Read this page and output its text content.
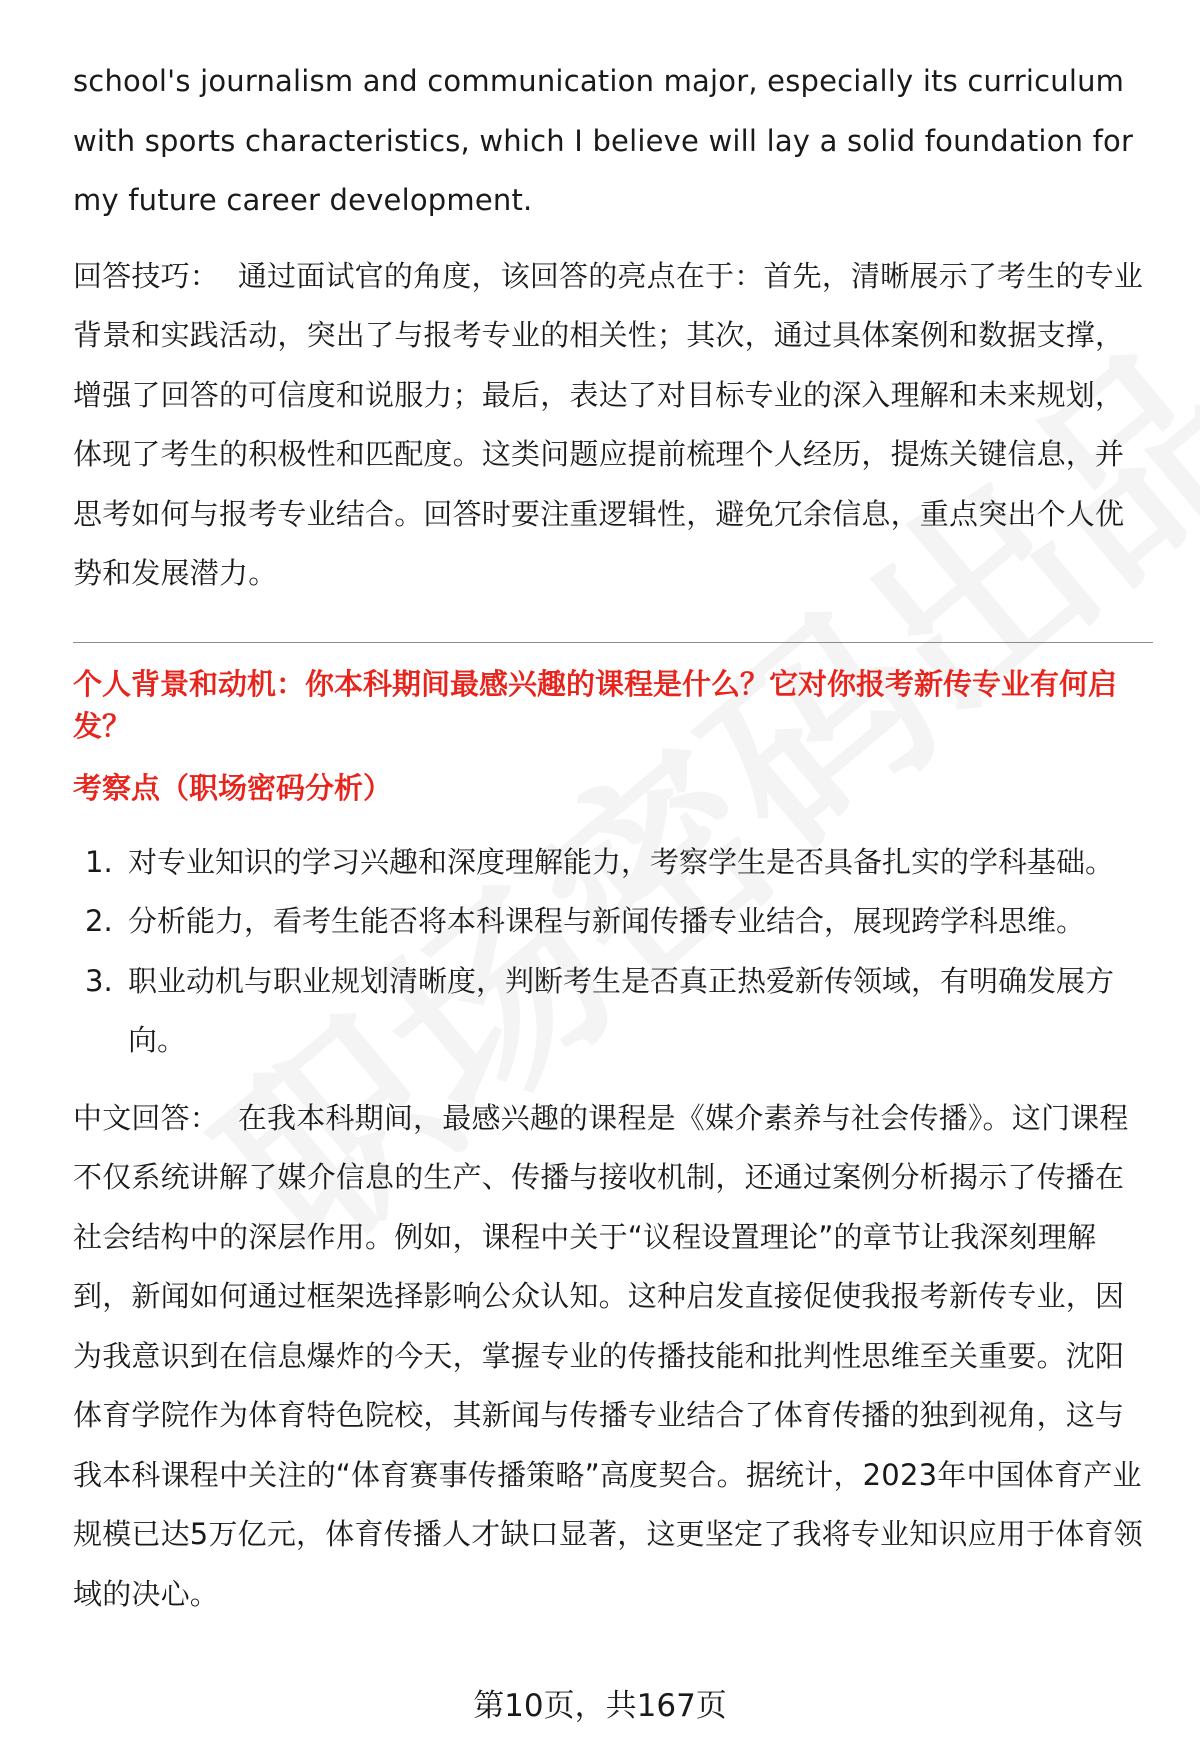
school's journalism and communication major, especially its curriculum with sports characteristics, which I believe will lay a solid foundation for my future career development.

回答技巧： 通过面试官的角度，该回答的亮点在于：首先，清晰展示了考生的专业背景和实践活动，突出了与报考专业的相关性；其次，通过具体案例和数据支撑，增强了回答的可信度和说服力；最后，表达了对目标专业的深入理解和未来规划，体现了考生的积极性和匹配度。这类问题应提前梳理个人经历，提炼关键信息，并思考如何与报考专业结合。回答时要注重逻辑性，避免冗余信息，重点突出个人优势和发展潜力。

个人背景和动机：你本科期间最感兴趣的课程是什么？它对你报考新传专业有何启发？

考察点（职场密码分析）

1. 对专业知识的学习兴趣和深度理解能力，考察学生是否具备扎实的学科基础。
2. 分析能力，看考生能否将本科课程与新闻传播专业结合，展现跨学科思维。
3. 职业动机与职业规划清晰度，判断考生是否真正热爱新传领域，有明确发展方向。

中文回答： 在我本科期间，最感兴趣的课程是《媒介素养与社会传播》。这门课程不仅系统讲解了媒介信息的生产、传播与接收机制，还通过案例分析揭示了传播在社会结构中的深层作用。例如，课程中关于“议程设置理论”的章节让我深刻理解到，新闻如何通过框架选择影响公众认知。这种启发直接促使我报考新传专业，因为我意识到在信息爆炸的今天，掌握专业的传播技能和批判性思维至关重要。沈阳体育学院作为体育特色院校，其新闻与传播专业结合了体育传播的独到视角，这与我本科课程中关注的“体育赛事传播策略”高度契合。据统计，2023年中国体育产业规模已达5万亿元，体育传播人才缺口显著，这更坚定了我将专业知识应用于体育领域的决心。

第10页，共167页
